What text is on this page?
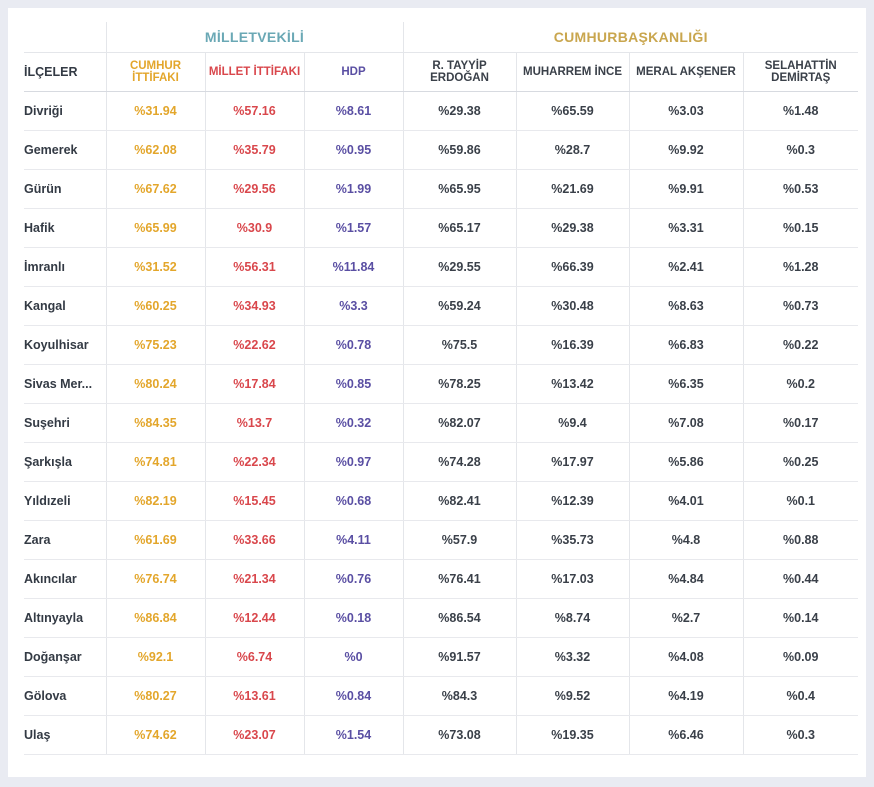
	MİLLETVEKİLİ			CUMHURBAŞKANLIĞI			
İLÇELER	CUMHUR İTTİFAKI	MİLLET İTTİFAKI	HDP	R. TAYYİP ERDOĞAN	MUHARREM İNCE	MERAL AKŞENER	SELAHATTİN DEMİRTAŞ
Divriği	%31.94	%57.16	%8.61	%29.38	%65.59	%3.03	%1.48
Gemerek	%62.08	%35.79	%0.95	%59.86	%28.7	%9.92	%0.3
Gürün	%67.62	%29.56	%1.99	%65.95	%21.69	%9.91	%0.53
Hafik	%65.99	%30.9	%1.57	%65.17	%29.38	%3.31	%0.15
İmranlı	%31.52	%56.31	%11.84	%29.55	%66.39	%2.41	%1.28
Kangal	%60.25	%34.93	%3.3	%59.24	%30.48	%8.63	%0.73
Koyulhisar	%75.23	%22.62	%0.78	%75.5	%16.39	%6.83	%0.22
Sivas Mer...	%80.24	%17.84	%0.85	%78.25	%13.42	%6.35	%0.2
Suşehri	%84.35	%13.7	%0.32	%82.07	%9.4	%7.08	%0.17
Şarkışla	%74.81	%22.34	%0.97	%74.28	%17.97	%5.86	%0.25
Yıldızeli	%82.19	%15.45	%0.68	%82.41	%12.39	%4.01	%0.1
Zara	%61.69	%33.66	%4.11	%57.9	%35.73	%4.8	%0.88
Akıncılar	%76.74	%21.34	%0.76	%76.41	%17.03	%4.84	%0.44
Altınyayla	%86.84	%12.44	%0.18	%86.54	%8.74	%2.7	%0.14
Doğanşar	%92.1	%6.74	%0	%91.57	%3.32	%4.08	%0.09
Gölova	%80.27	%13.61	%0.84	%84.3	%9.52	%4.19	%0.4
Ulaş	%74.62	%23.07	%1.54	%73.08	%19.35	%6.46	%0.3
